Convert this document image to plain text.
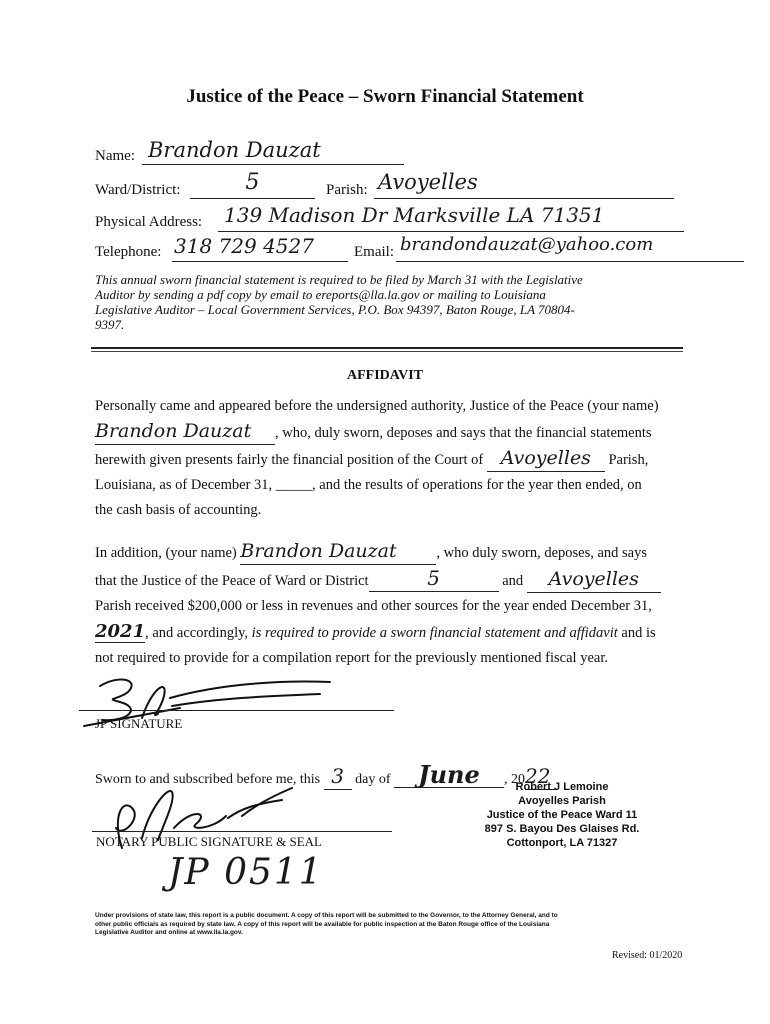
Justice of the Peace – Sworn Financial Statement
Name: Brandon Dauzat
Ward/District:	5	Parish: Avoyelles
Physical Address:	139 Madison Dr Marksville LA 71351
Telephone: 318 729 4527	Email: brandondauzat@yahoo.com
This annual sworn financial statement is required to be filed by March 31 with the Legislative
Auditor by sending a pdf copy by email to ereports@lla.la.gov or mailing to Louisiana
Legislative Auditor – Local Government Services, P.O. Box 94397, Baton Rouge, LA 70804-
9397.
AFFIDAVIT
Personally came and appeared before the undersigned authority, Justice of the Peace (your name)
Brandon Dauzat , who, duly sworn, deposes and says that the financial statements
herewith given presents fairly the financial position of the Court of Avoyelles Parish,
Louisiana, as of December 31, _____, and the results of operations for the year then ended, on
the cash basis of accounting.
In addition, (your name) Brandon Dauzat	, who duly sworn, deposes, and says
that the Justice of the Peace of Ward or District	5	and Avoyelles
Parish received $200,000 or less in revenues and other sources for the year ended December 31,
2021, and accordingly, is required to provide a sworn financial statement and affidavit and is
not required to provide for a compilation report for the previously mentioned fiscal year.
JP SIGNATURE
Sworn to and subscribed before me, this 3 day of June , 2022
NOTARY PUBLIC SIGNATURE & SEAL
JP 0511
Robert J Lemoine
Avoyelles Parish
Justice of the Peace Ward 11
897 S. Bayou Des Glaises Rd.
Cottonport, LA 71327
Under provisions of state law, this report is a public document. A copy of this report will be submitted to the Governor, to the Attorney General, and to
other public officials as required by state law. A copy of this report will be available for public inspection at the Baton Rouge office of the Louisiana
Legislative Auditor and online at www.lla.la.gov.
Revised: 01/2020
